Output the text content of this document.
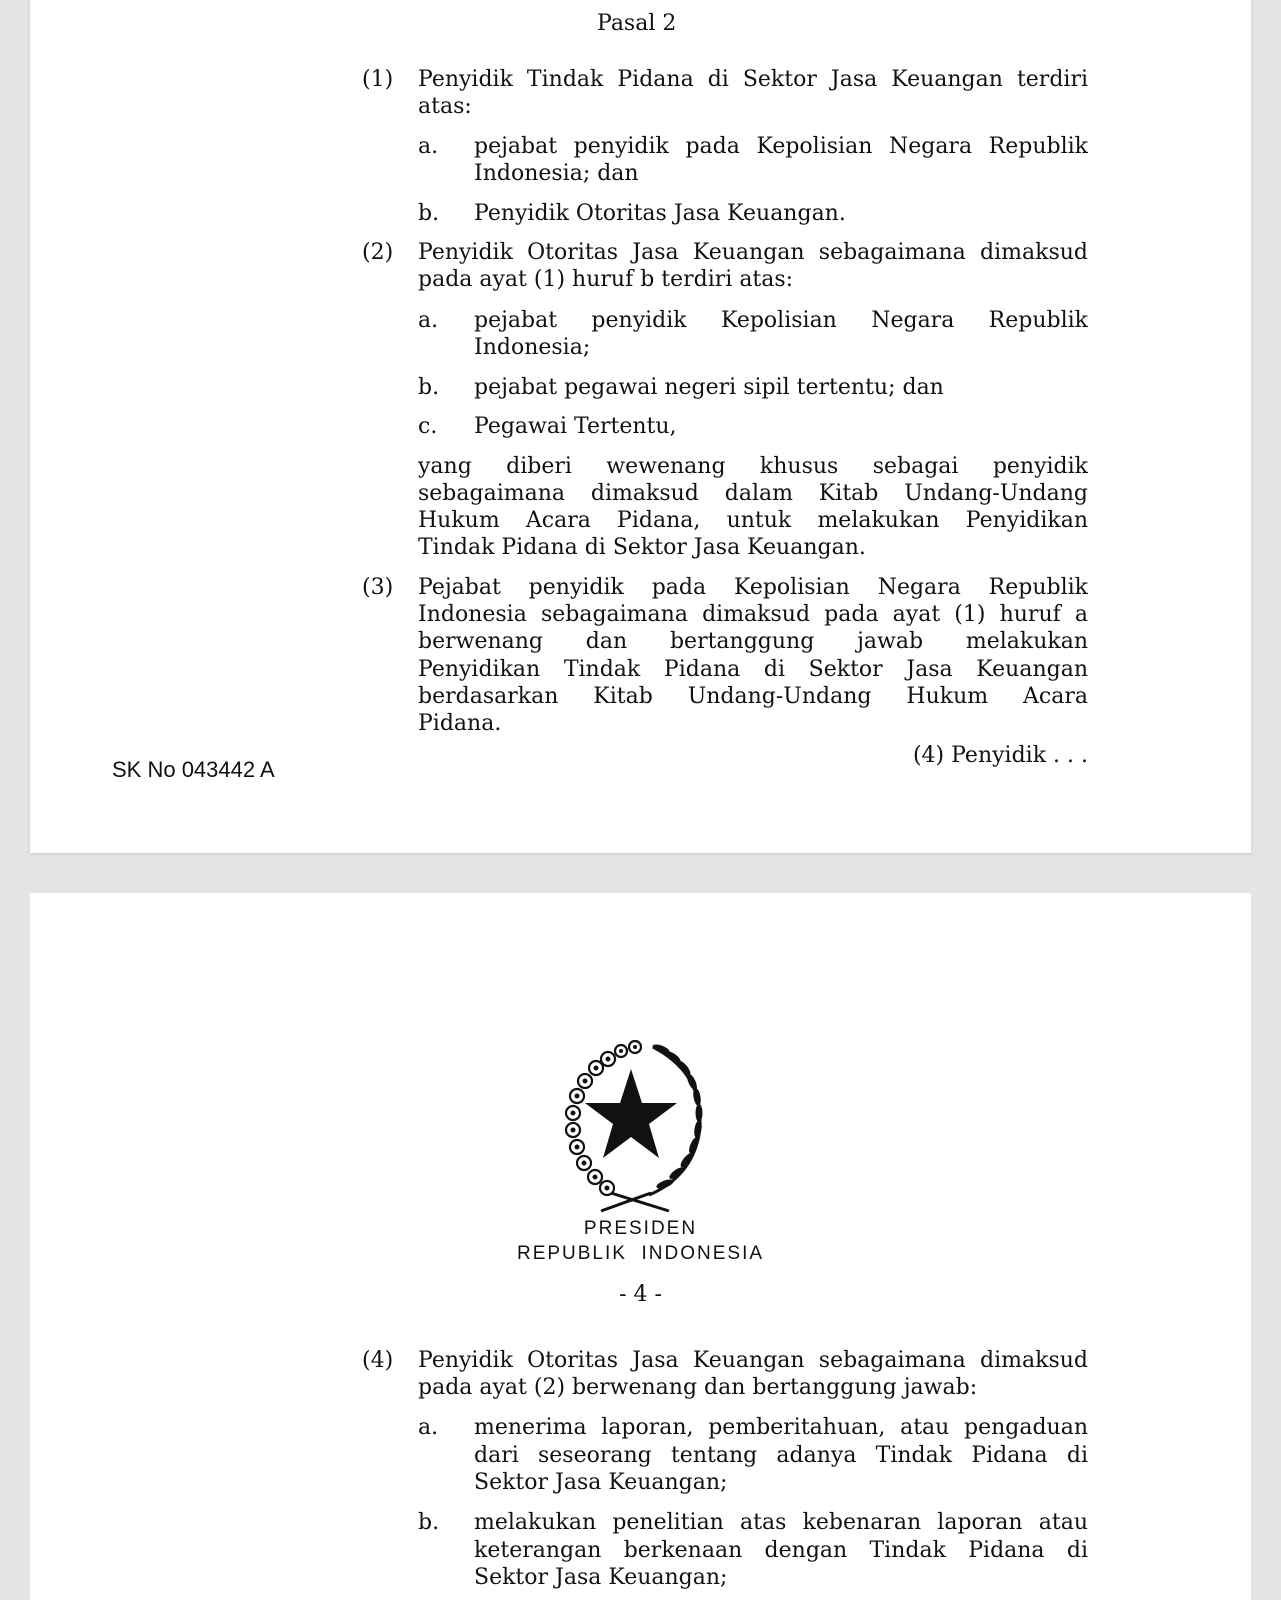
Pasal 2
(1) Penyidik Tindak Pidana di Sektor Jasa Keuangan terdiri
atas:
a. pejabat penyidik pada Kepolisian Negara Republik
Indonesia; dan
b. Penyidik Otoritas Jasa Keuangan.
(2) Penyidik Otoritas Jasa Keuangan sebagaimana dimaksud
pada ayat (1) huruf b terdiri atas:
a. pejabat penyidik Kepolisian Negara Republik
Indonesia;
b. pejabat pegawai negeri sipil tertentu; dan
c. Pegawai Tertentu,
yang diberi wewenang khusus sebagai penyidik
sebagaimana dimaksud dalam Kitab Undang-Undang
Hukum Acara Pidana, untuk melakukan Penyidikan
Tindak Pidana di Sektor Jasa Keuangan.
(3) Pejabat penyidik pada Kepolisian Negara Republik
Indonesia sebagaimana dimaksud pada ayat (1) huruf a
berwenang dan bertanggung jawab melakukan
Penyidikan Tindak Pidana di Sektor Jasa Keuangan
berdasarkan Kitab Undang-Undang Hukum Acara
Pidana.
(4) Penyidik . . .
SK No 043442 A
PRESIDEN
REPUBLIK  INDONESIA
- 4 -
(4) Penyidik Otoritas Jasa Keuangan sebagaimana dimaksud
pada ayat (2) berwenang dan bertanggung jawab:
a. menerima laporan, pemberitahuan, atau pengaduan
dari seseorang tentang adanya Tindak Pidana di
Sektor Jasa Keuangan;
b. melakukan penelitian atas kebenaran laporan atau
keterangan berkenaan dengan Tindak Pidana di
Sektor Jasa Keuangan;
